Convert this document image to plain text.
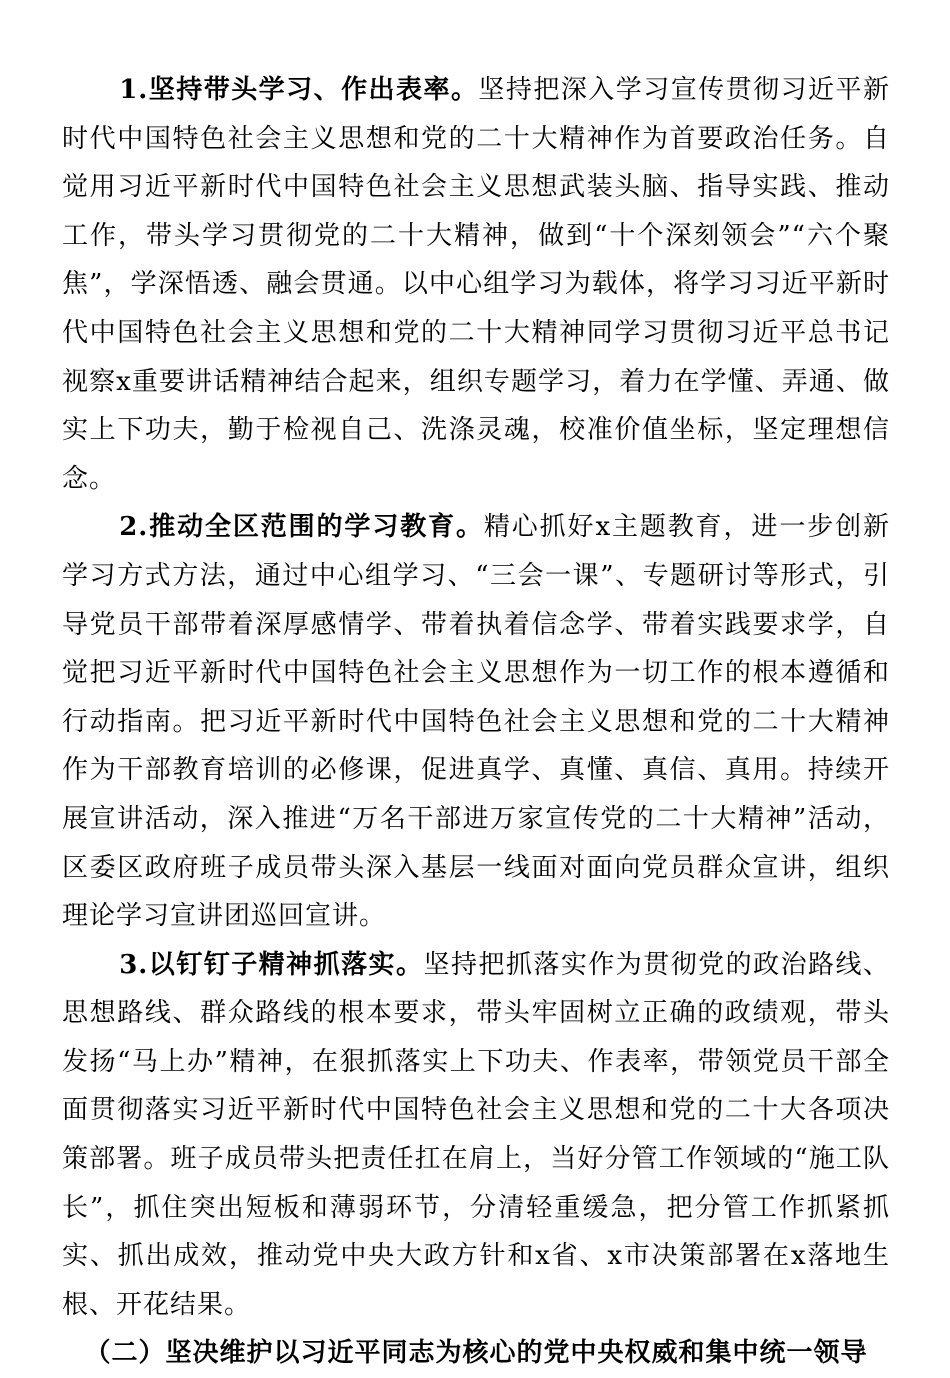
1.坚持带头学习、作出表率。坚持把深入学习宣传贯彻习近平新时代中国特色社会主义思想和党的二十大精神作为首要政治任务。自觉用习近平新时代中国特色社会主义思想武装头脑、指导实践、推动工作，带头学习贯彻党的二十大精神，做到“十个深刻领会”“六个聚焦”，学深悟透、融会贯通。以中心组学习为载体，将学习习近平新时代中国特色社会主义思想和党的二十大精神同学习贯彻习近平总书记视察x重要讲话精神结合起来，组织专题学习，着力在学懂、弄通、做实上下功夫，勤于检视自己、洗涤灵魂，校准价值坐标，坚定理想信念。

2.推动全区范围的学习教育。精心抓好x主题教育，进一步创新学习方式方法，通过中心组学习、“三会一课”、专题研讨等形式，引导党员干部带着深厚感情学、带着执着信念学、带着实践要求学，自觉把习近平新时代中国特色社会主义思想作为一切工作的根本遵循和行动指南。把习近平新时代中国特色社会主义思想和党的二十大精神作为干部教育培训的必修课，促进真学、真懂、真信、真用。持续开展宣讲活动，深入推进“万名干部进万家宣传党的二十大精神”活动，区委区政府班子成员带头深入基层一线面对面向党员群众宣讲，组织理论学习宣讲团巡回宣讲。

3.以钉钉子精神抓落实。坚持把抓落实作为贯彻党的政治路线、思想路线、群众路线的根本要求，带头牢固树立正确的政绩观，带头发扬“马上办”精神，在狠抓落实上下功夫、作表率，带领党员干部全面贯彻落实习近平新时代中国特色社会主义思想和党的二十大各项决策部署。班子成员带头把责任扛在肩上，当好分管工作领域的“施工队长”，抓住突出短板和薄弱环节，分清轻重缓急，把分管工作抓紧抓实、抓出成效，推动党中央大政方针和x省、x市决策部署在x落地生根、开花结果。

（二）坚决维护以习近平同志为核心的党中央权威和集中统一领导
